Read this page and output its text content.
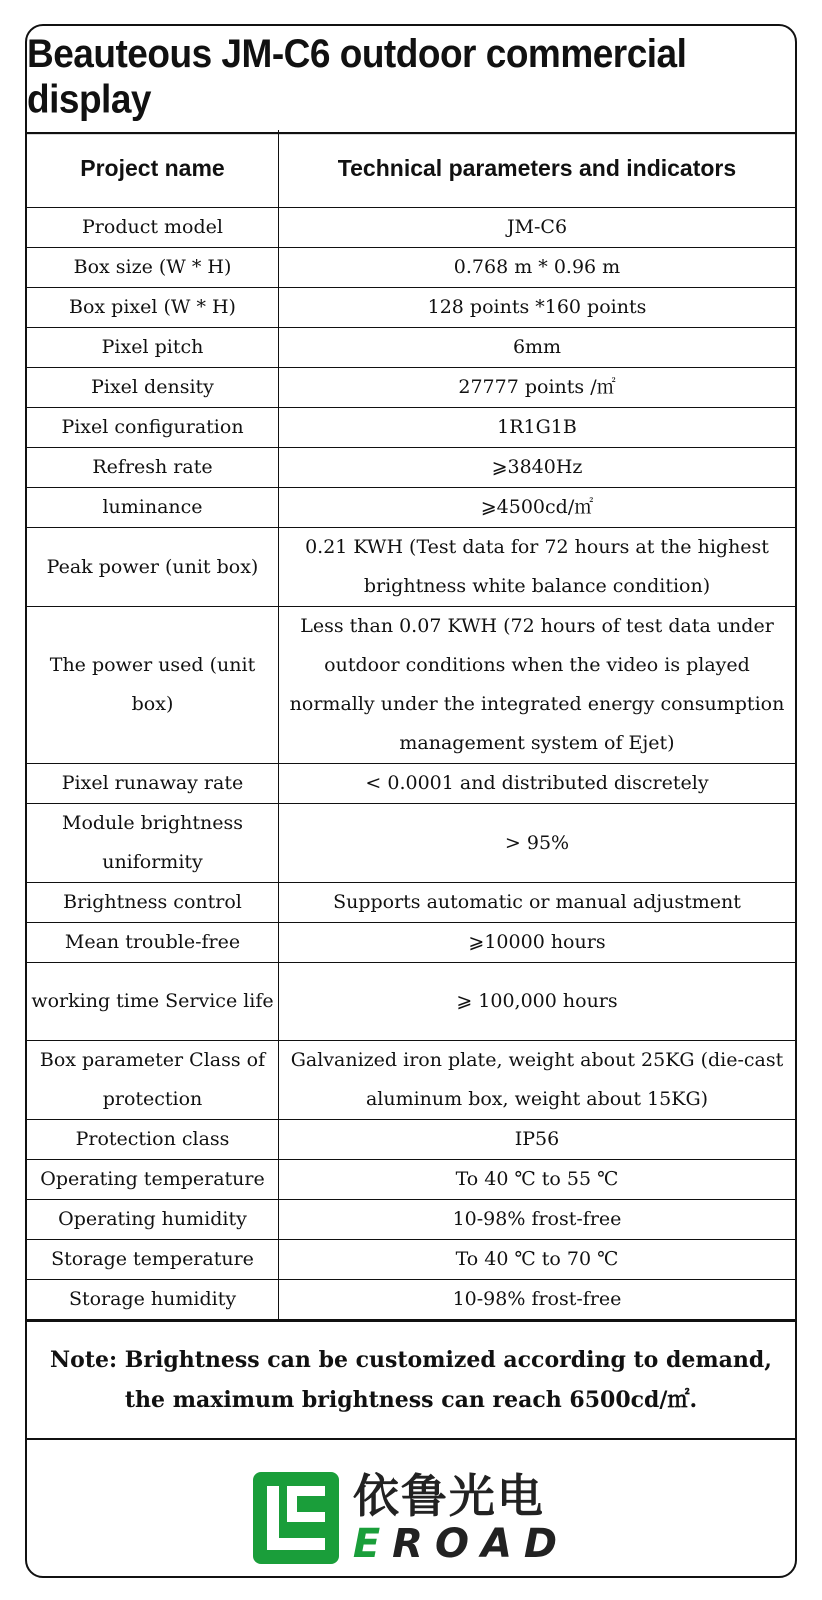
Beauteous JM-C6 outdoor commercial display
Project name	Technical parameters and indicators
Product model	JM-C6
Box size (W * H)	0.768 m * 0.96 m
Box pixel (W * H)	128 points *160 points
Pixel pitch	6mm
Pixel density	27777 points /㎡
Pixel configuration	1R1G1B
Refresh rate	⩾3840Hz
luminance	⩾4500cd/㎡
Peak power (unit box)	0.21 KWH (Test data for 72 hours at the highest brightness white balance condition)
The power used (unit box)	Less than 0.07 KWH (72 hours of test data under outdoor conditions when the video is played normally under the integrated energy consumption management system of Ejet)
Pixel runaway rate	< 0.0001 and distributed discretely
Module brightness uniformity	> 95%
Brightness control	Supports automatic or manual adjustment
Mean trouble-free	⩾10000 hours
working time Service life	⩾ 100,000 hours
Box parameter Class of protection	Galvanized iron plate, weight about 25KG (die-cast aluminum box, weight about 15KG)
Protection class	IP56
Operating temperature	To 40 ℃ to 55 ℃
Operating humidity	10-98% frost-free
Storage temperature	To 40 ℃ to 70 ℃
Storage humidity	10-98% frost-free
Note: Brightness can be customized according to demand,
the maximum brightness can reach 6500cd/㎡.
依鲁光电
EROAD
